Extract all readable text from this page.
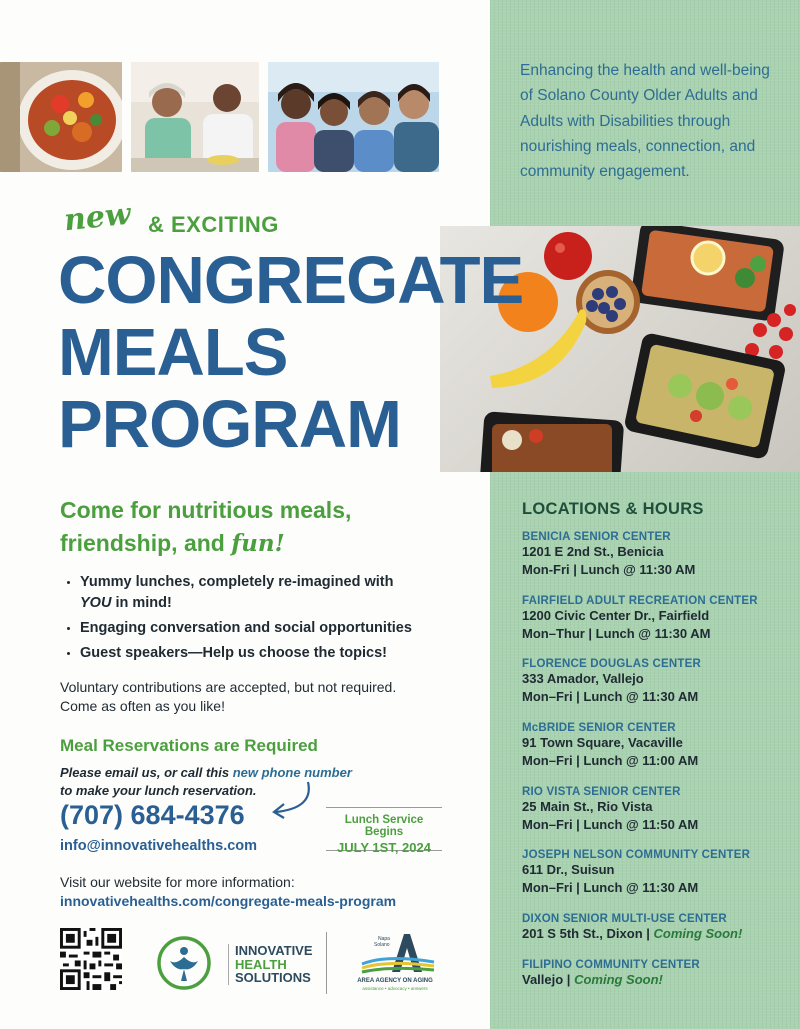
Enhancing the health and well-being of Solano County Older Adults and Adults with Disabilities through nourishing meals, connection, and community engagement.
new & EXCITING
CONGREGATE
MEALS
PROGRAM
Come for nutritious meals,
friendship, and fun!
• Yummy lunches, completely re-imagined with
YOU in mind!
• Engaging conversation and social opportunities
• Guest speakers—Help us choose the topics!
Voluntary contributions are accepted, but not required.
Come as often as you like!
Meal Reservations are Required
Please email us, or call this new phone number
to make your lunch reservation.
(707) 684-4376
info@innovativehealths.com
Lunch Service Begins
JULY 1ST, 2024
Visit our website for more information:
innovativehealths.com/congregate-meals-program
INNOVATIVE
HEALTH
SOLUTIONS
Napa
Solano
AREA AGENCY ON AGING
assistance • advocacy • answers
LOCATIONS & HOURS
BENICIA SENIOR CENTER
1201 E 2nd St., Benicia
Mon-Fri | Lunch @ 11:30 AM
FAIRFIELD ADULT RECREATION CENTER
1200 Civic Center Dr., Fairfield
Mon–Thur | Lunch @ 11:30 AM
FLORENCE DOUGLAS CENTER
333 Amador, Vallejo
Mon–Fri | Lunch @ 11:30 AM
McBRIDE SENIOR CENTER
91 Town Square, Vacaville
Mon–Fri | Lunch @ 11:00 AM
RIO VISTA SENIOR CENTER
25 Main St., Rio Vista
Mon–Fri | Lunch @ 11:50 AM
JOSEPH NELSON COMMUNITY CENTER
611 Dr., Suisun
Mon–Fri | Lunch @ 11:30 AM
DIXON SENIOR MULTI-USE CENTER
201 S 5th St., Dixon | Coming Soon!
FILIPINO COMMUNITY CENTER
Vallejo | Coming Soon!
